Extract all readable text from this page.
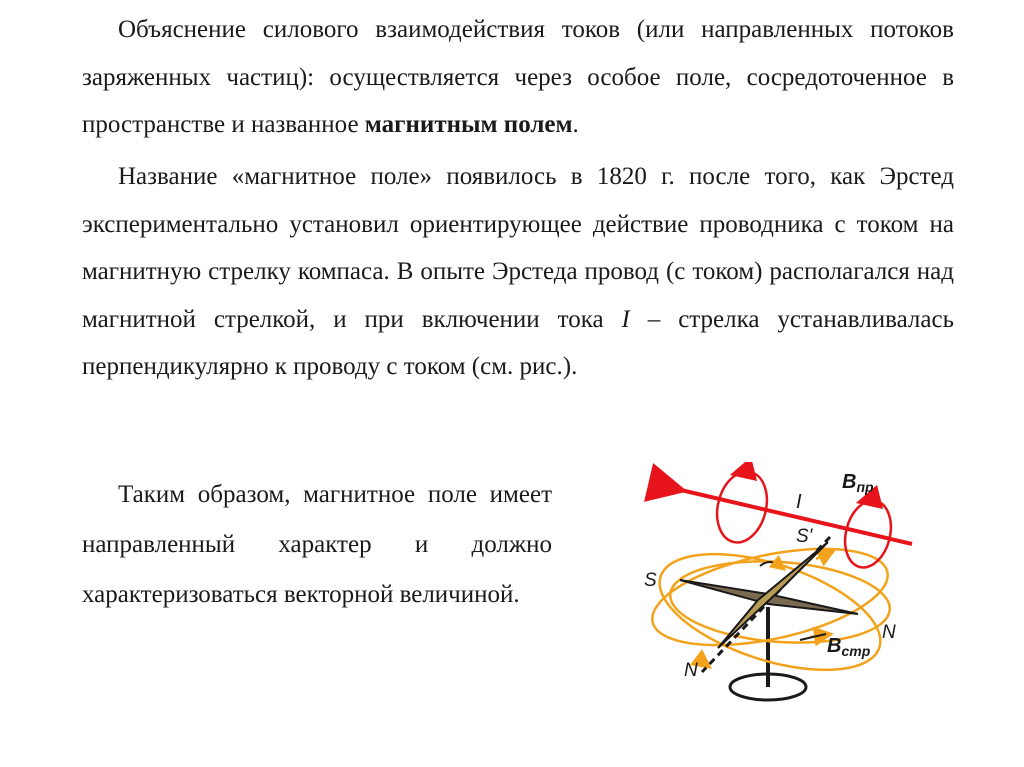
Объяснение силового взаимодействия токов (или направленных потоков заряженных частиц): осуществляется через особое поле, сосредоточенное в пространстве и названное магнитным полем.

Название «магнитное поле» появилось в 1820 г. после того, как Эрстед экспериментально установил ориентирующее действие проводника с током на магнитную стрелку компаса. В опыте Эрстеда провод (с током) располагался над магнитной стрелкой, и при включении тока I – стрелка устанавливалась перпендикулярно к проводу с током (см. рис.).

Таким образом, магнитное поле имеет направленный характер и должно характеризоваться векторной величиной.

I
$B_{пр}$
S'
S
N
N
$B_{стр}$
